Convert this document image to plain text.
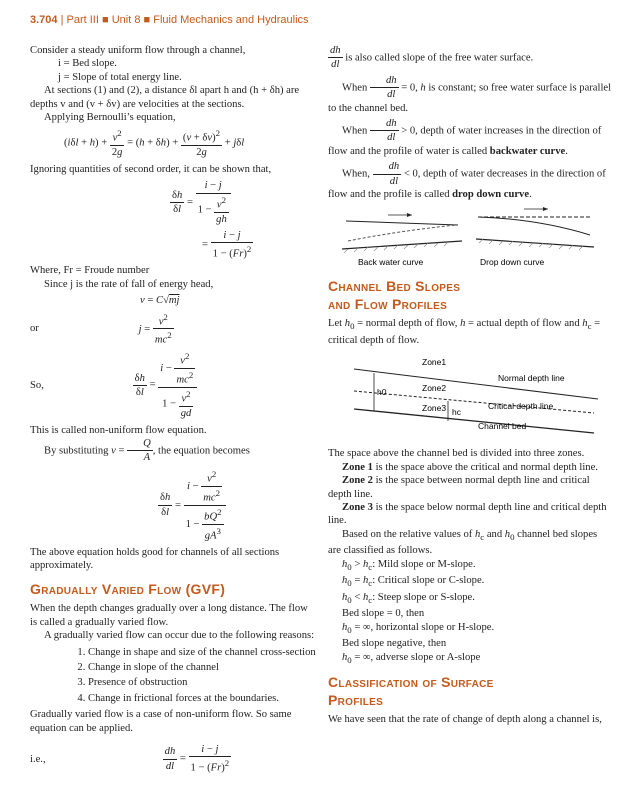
3.704 | Part III ■ Unit 8 ■ Fluid Mechanics and Hydraulics

Consider a steady uniform flow through a channel,

i = Bed slope.

j = Slope of total energy line.

At sections (1) and (2), a distance δl apart h and (h + δh) are depths v and (v + δv) are velocities at the sections.

Applying Bernoulli’s equation,

$(i\delta l + h) + \frac{v^2}{2g} = (h + \delta h) + \frac{(v + \delta v)^2}{2g} + j\delta l$

Ignoring quantities of second order, it can be shown that,

$\frac{\delta h}{\delta l} = \frac{i - j}{1 - \frac{v^2}{gh}}$
= $\frac{i - j}{1 - (Fr)^2}$

Where, Fr = Froude number

Since j is the rate of fall of energy head,

v = C√mj
or	$j = \frac{v^2}{mc^2}$
So,	$\frac{\delta h}{\delta l} = \frac{i - \frac{v^2}{mc^2}}{1 - \frac{v^2}{gd}}$

This is called non-uniform flow equation.

By substituting $v = \frac{Q}{A}$ , the equation becomes

$\frac{\delta h}{\delta l} = \frac{i - \frac{v^2}{mc^2}}{1 - \frac{bQ^2}{gA^3}}$

The above equation holds good for channels of all sections approximately.

Gradually Varied Flow (GVF)

When the depth changes gradually over a long distance. The flow is called a gradually varied flow.

A gradually varied flow can occur due to the following reasons:

1. Change in shape and size of the channel cross-section
2. Change in slope of the channel
3. Presence of obstruction
4. Change in frictional forces at the boundaries.

Gradually varied flow is a case of non-uniform flow. So same equation can be applied.

i.e.,	$\frac{dh}{dl} = \frac{i - j}{1 - (Fr)^2}$

$\frac{dh}{dl}$ is also called slope of the free water surface.

When $\frac{dh}{dl} = 0$, h is constant; so free water surface is parallel to the channel bed.

When $\frac{dh}{dl} > 0$, depth of water increases in the direction of flow and the profile of water is called backwater curve.

When, $\frac{dh}{dl} < 0$, depth of water decreases in the direction of flow and the profile is called drop down curve.

Back water curve	Drop down curve
Channel Bed Slopes
and Flow Profiles

Let $h_0$ = normal depth of flow, h = actual depth of flow and $h_c$ = critical depth of flow.

Zone1
Zone2
Zone3
Normal depth line
Critical depth line
Channel bed
h0
hc

The space above the channel bed is divided into three zones.

Zone 1 is the space above the critical and normal depth line.

Zone 2 is the space between normal depth line and critical depth line.

Zone 3 is the space below normal depth line and critical depth line.

Based on the relative values of $h_c$ and $h_0$ channel bed slopes are classified as follows.

$h_0 > h_c$: Mild slope or M-slope.
$h_0 = h_c$: Critical slope or C-slope.
$h_0 < h_c$: Steep slope or S-slope.
Bed slope = 0, then
$h_0$ = ∞, horizontal slope or H-slope.
Bed slope negative, then
$h_0$ = ∞, adverse slope or A-slope
Classification of Surface
Profiles

We have seen that the rate of change of depth along a channel is,
